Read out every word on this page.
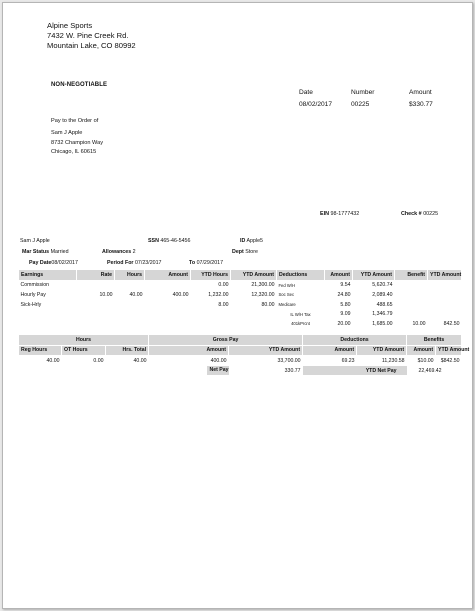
Alpine Sports
7432 W. Pine Creek Rd.
Mountain Lake, CO 80992
NON-NEGOTIABLE
Date	Number	Amount
08/02/2017	00225	$330.77
Pay to the Order of
Sam J Apple
8732 Champion Way
Chicago, IL 60615
EIN 98-1777432	Check # 00225
Sam J Apple	SSN 465-46-5456	ID Apple5
Mar Status Married	Allowances 2	Dept Store
Pay Date08/02/2017	Period For 07/23/2017	To 07/29/2017
Earnings	Rate	Hours	Amount	YTD Hours	YTD Amount	Deductions	Amount	YTD Amount	Benefit	YTD Amount
Commission				0.00	21,300.00	Fed W/H	9.54	5,620.74		
Hourly Pay	10.00	40.00	400.00	1,232.00	12,320.00	Soc Sec	24.80	2,089.40		
Sick-Hrly				8.00	80.00	Medicare	5.80	488.65		
						IL W/H Tax	9.09	1,346.79		
						401kPrcnt	20.00	1,685.00	10.00	842.50
Hours			Gross Pay		Deductions		Benefits	
Reg Hours	OT Hours	Hrs. Total	Amount	YTD Amount	Amount	YTD Amount	Amount	YTD Amount
40.00	0.00	40.00	400.00	33,700.00	69.23	11,230.58	$10.00	$842.50

Net Pay				330.77	YTD Net Pay		22,469.42	
